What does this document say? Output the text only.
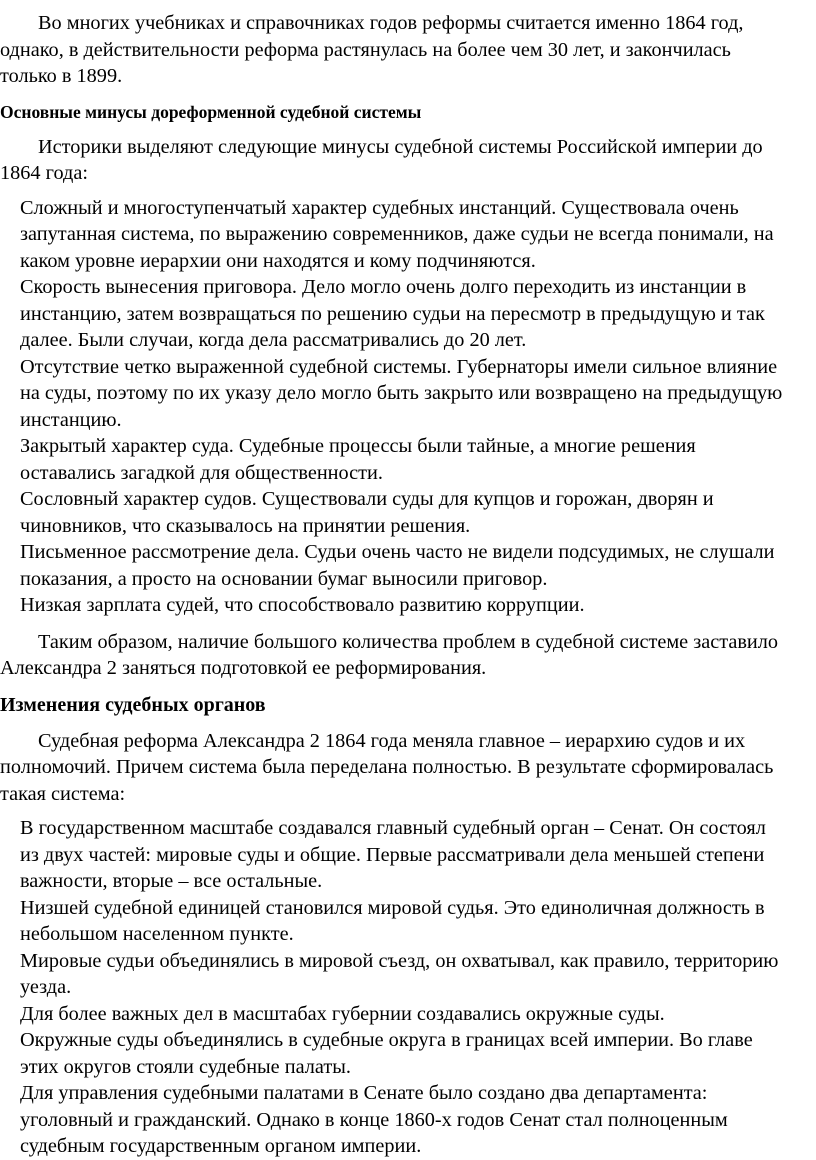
Во многих учебниках и справочниках годов реформы считается именно 1864 год, однако, в действительности реформа растянулась на более чем 30 лет, и закончилась только в 1899.

Основные минусы дореформенной судебной системы

Историки выделяют следующие минусы судебной системы Российской империи до 1864 года:

Сложный и многоступенчатый характер судебных инстанций. Существовала очень запутанная система, по выражению современников, даже судьи не всегда понимали, на каком уровне иерархии они находятся и кому подчиняются.
Скорость вынесения приговора. Дело могло очень долго переходить из инстанции в инстанцию, затем возвращаться по решению судьи на пересмотр в предыдущую и так далее. Были случаи, когда дела рассматривались до 20 лет.
Отсутствие четко выраженной судебной системы. Губернаторы имели сильное влияние на суды, поэтому по их указу дело могло быть закрыто или возвращено на предыдущую инстанцию.
Закрытый характер суда. Судебные процессы были тайные, а многие решения оставались загадкой для общественности.
Сословный характер судов. Существовали суды для купцов и горожан, дворян и чиновников, что сказывалось на принятии решения.
Письменное рассмотрение дела. Судьи очень часто не видели подсудимых, не слушали показания, а просто на основании бумаг выносили приговор.
Низкая зарплата судей, что способствовало развитию коррупции.

Таким образом, наличие большого количества проблем в судебной системе заставило Александра 2 заняться подготовкой ее реформирования.

Изменения судебных органов

Судебная реформа Александра 2 1864 года меняла главное – иерархию судов и их полномочий. Причем система была переделана полностью. В результате сформировалась такая система:

В государственном масштабе создавался главный судебный орган – Сенат. Он состоял из двух частей: мировые суды и общие. Первые рассматривали дела меньшей степени важности, вторые – все остальные.
Низшей судебной единицей становился мировой судья. Это единоличная должность в небольшом населенном пункте.
Мировые судьи объединялись в мировой съезд, он охватывал, как правило, территорию уезда.
Для более важных дел в масштабах губернии создавались окружные суды.
Окружные суды объединялись в судебные округа в границах всей империи. Во главе этих округов стояли судебные палаты.
Для управления судебными палатами в Сенате было создано два департамента: уголовный и гражданский. Однако в конце 1860-х годов Сенат стал полноценным судебным государственным органом империи.
